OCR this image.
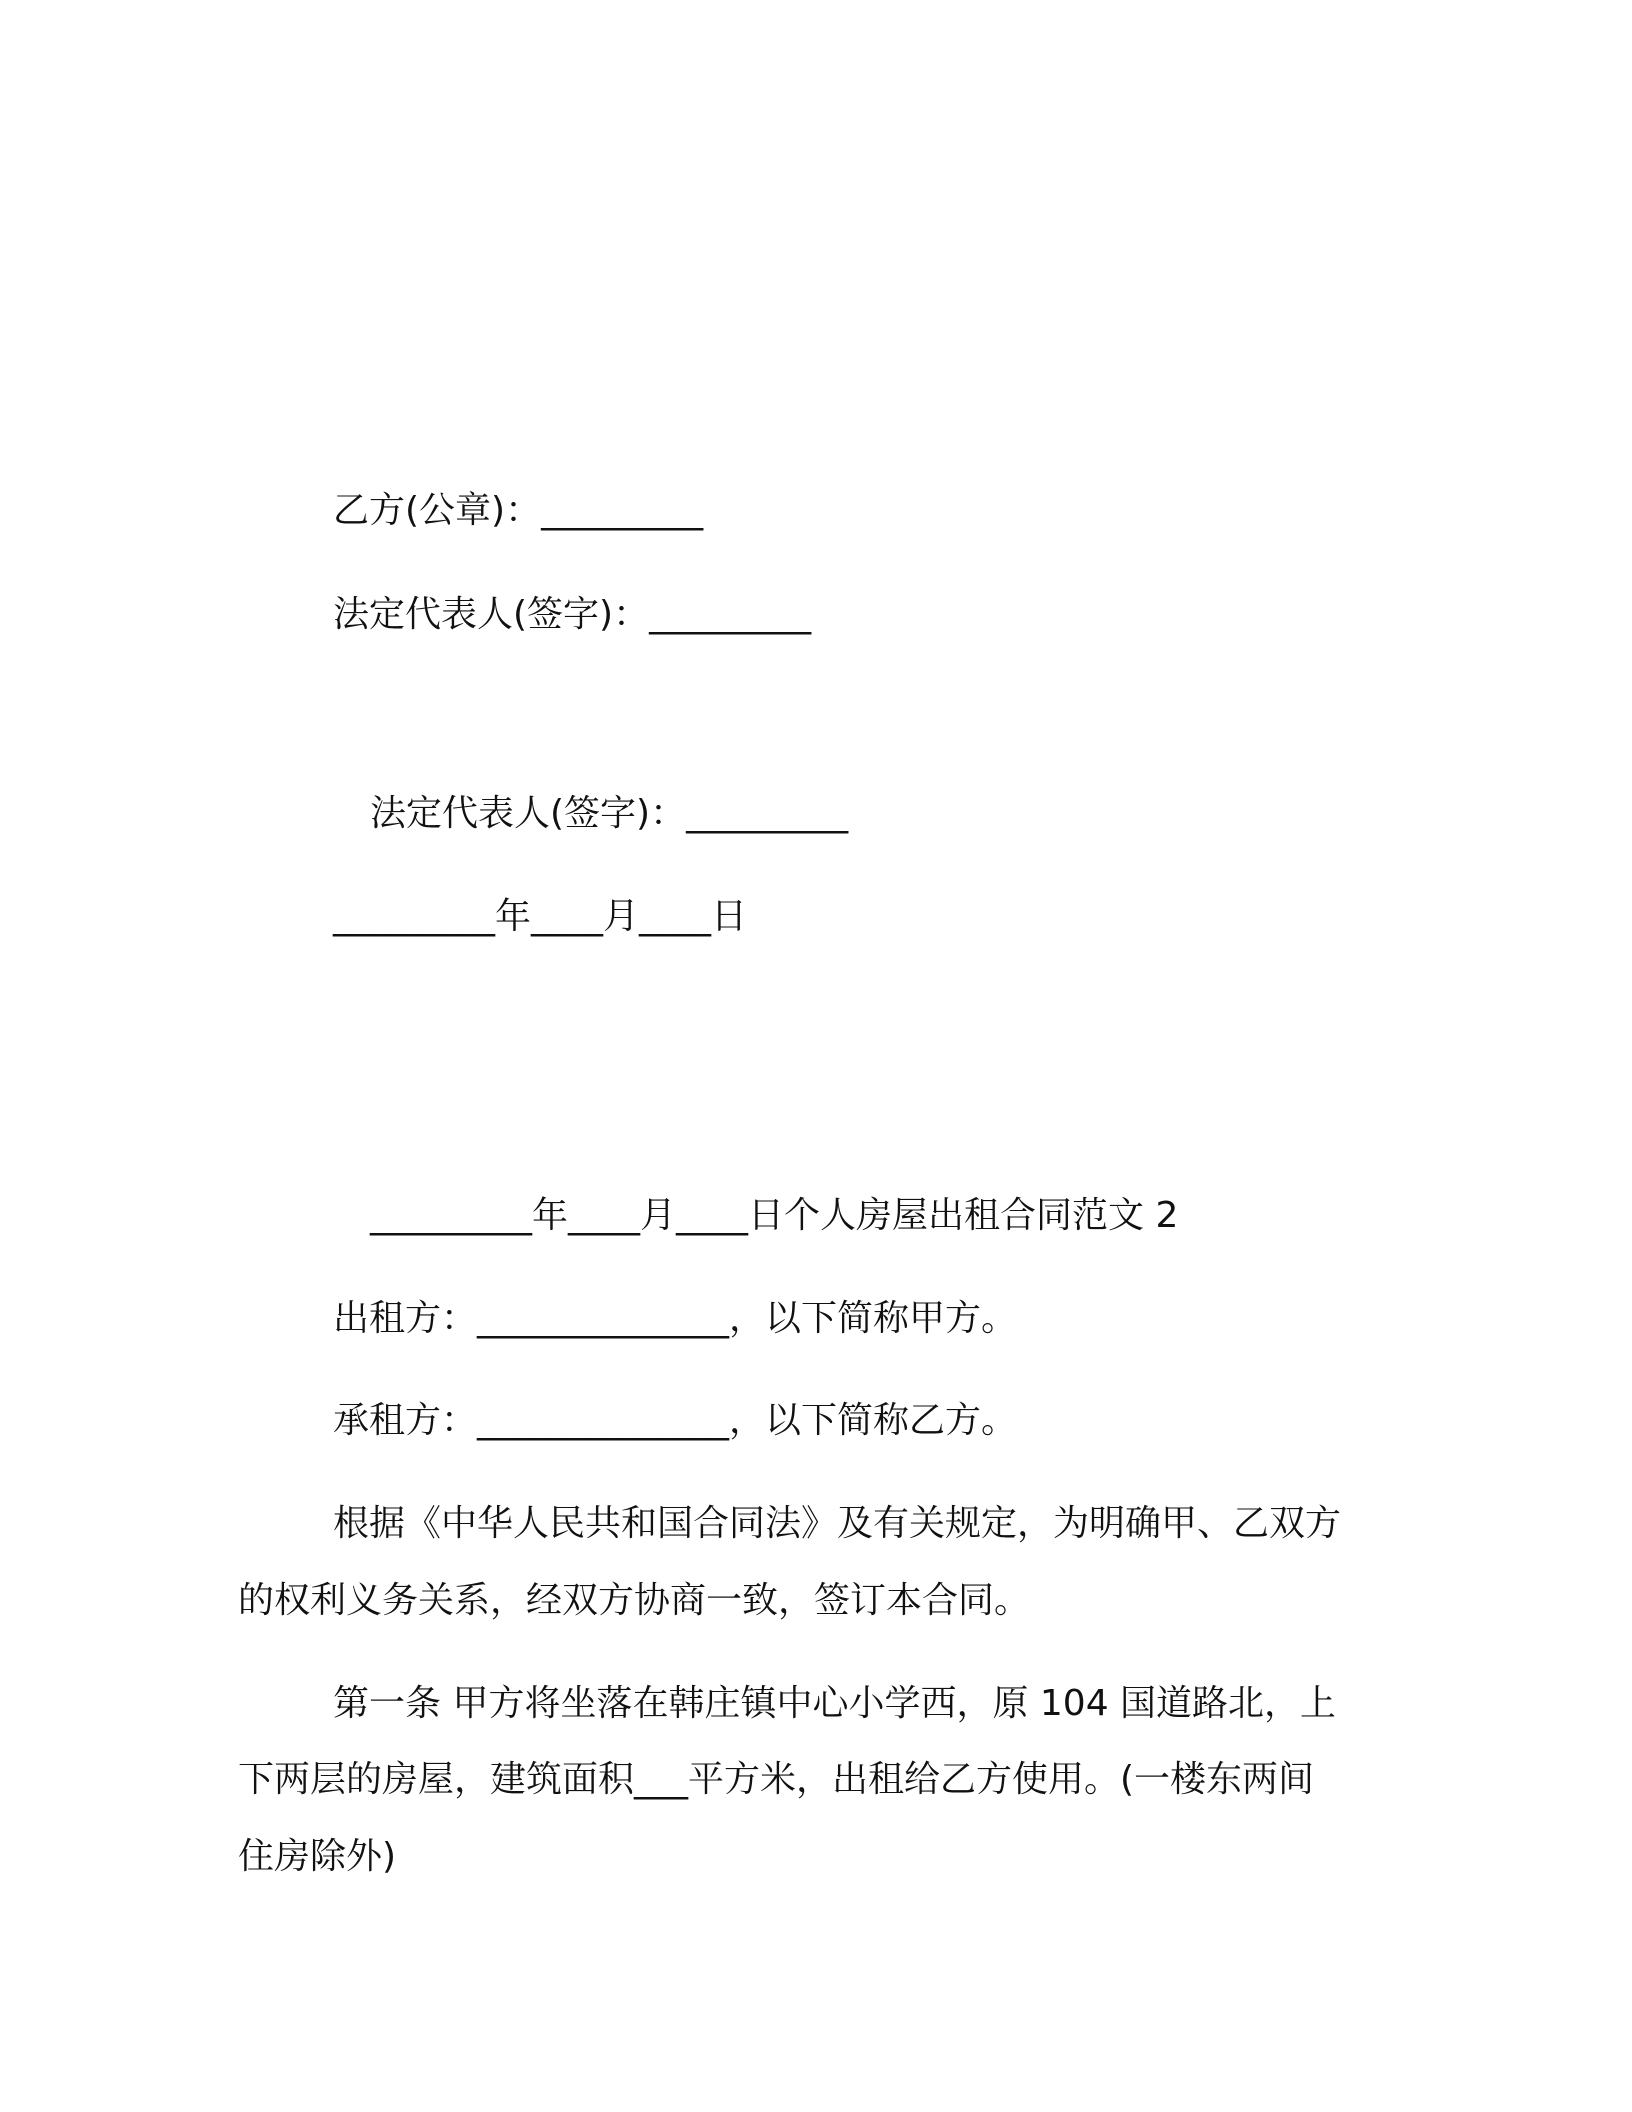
乙方(公章)：_________

法定代表人(签字)：_________

法定代表人(签字)：_________

_________年____月____日

_________年____月____日个人房屋出租合同范文 2

出租方：______________，以下简称甲方。

承租方：______________，以下简称乙方。

根据《中华人民共和国合同法》及有关规定，为明确甲、乙双方

的权利义务关系，经双方协商一致，签订本合同。

第一条 甲方将坐落在韩庄镇中心小学西，原 104 国道路北，上

下两层的房屋，建筑面积___平方米，出租给乙方使用。(一楼东两间

住房除外)
